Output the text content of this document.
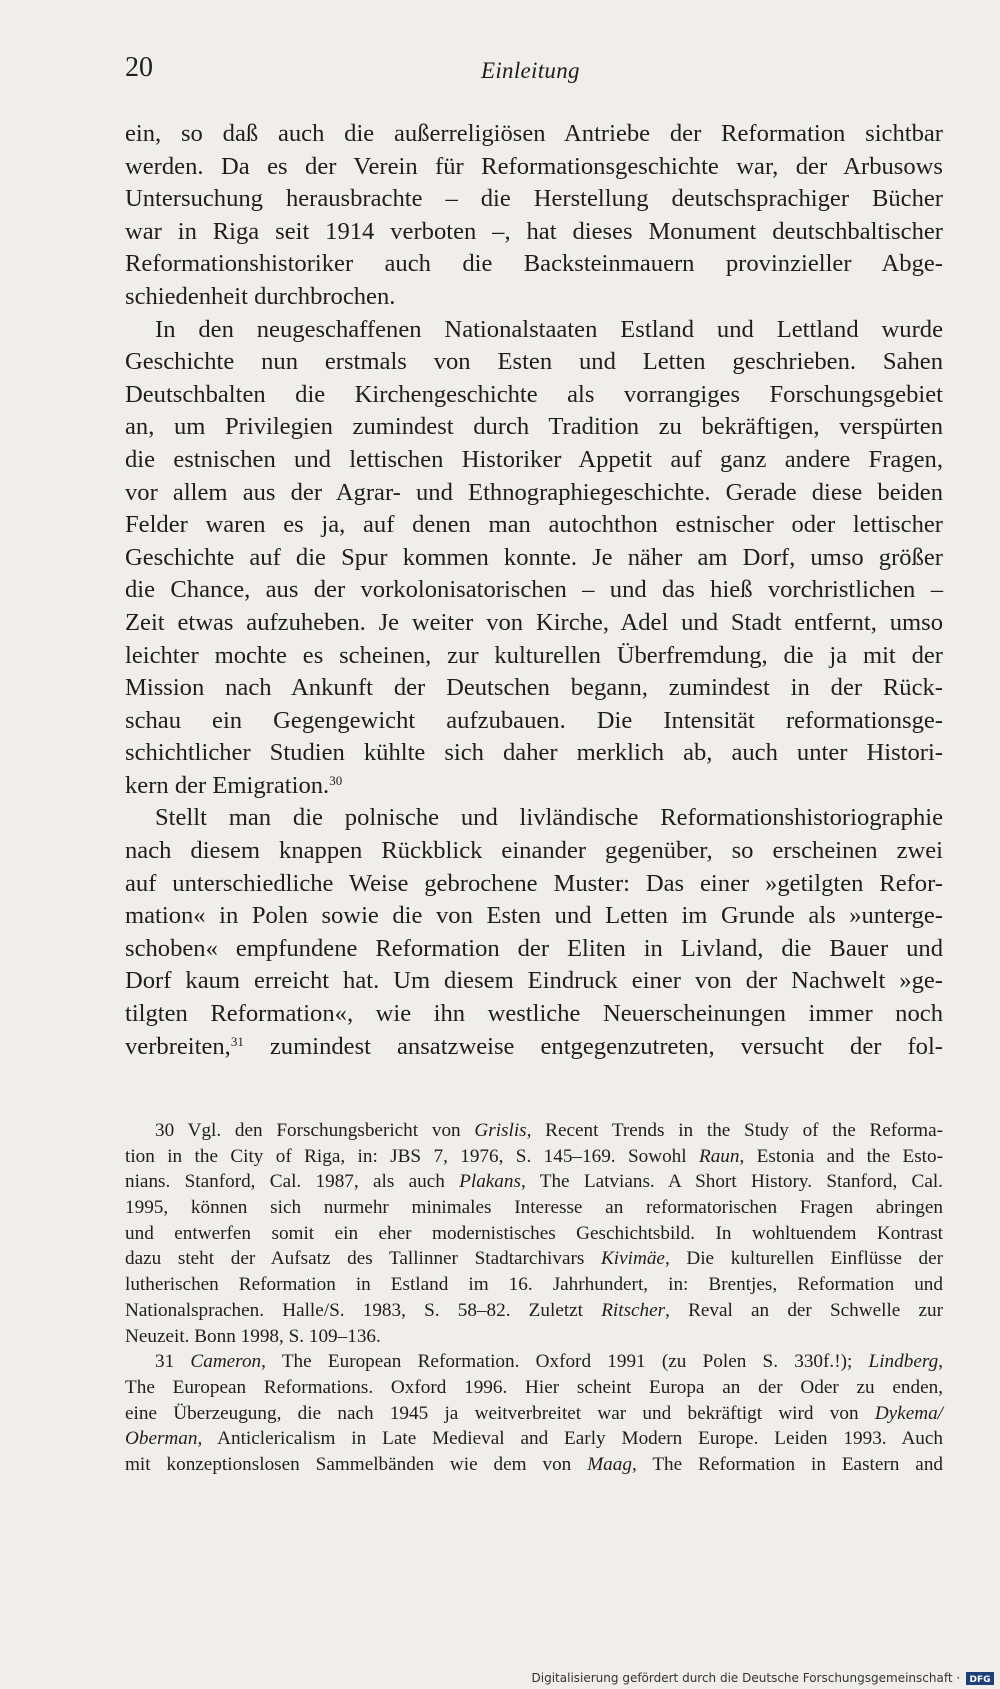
20	Einleitung
ein, so daß auch die außerreligiösen Antriebe der Reformation sichtbar
werden. Da es der Verein für Reformationsgeschichte war, der Arbusows
Untersuchung herausbrachte – die Herstellung deutschsprachiger Bücher
war in Riga seit 1914 verboten –, hat dieses Monument deutschbaltischer
Reformationshistoriker auch die Backsteinmauern provinzieller Abge-
schiedenheit durchbrochen.
In den neugeschaffenen Nationalstaaten Estland und Lettland wurde
Geschichte nun erstmals von Esten und Letten geschrieben. Sahen
Deutschbalten die Kirchengeschichte als vorrangiges Forschungsgebiet
an, um Privilegien zumindest durch Tradition zu bekräftigen, verspürten
die estnischen und lettischen Historiker Appetit auf ganz andere Fragen,
vor allem aus der Agrar- und Ethnographiegeschichte. Gerade diese beiden
Felder waren es ja, auf denen man autochthon estnischer oder lettischer
Geschichte auf die Spur kommen konnte. Je näher am Dorf, umso größer
die Chance, aus der vorkolonisatorischen – und das hieß vorchristlichen –
Zeit etwas aufzuheben. Je weiter von Kirche, Adel und Stadt entfernt, umso
leichter mochte es scheinen, zur kulturellen Überfremdung, die ja mit der
Mission nach Ankunft der Deutschen begann, zumindest in der Rück-
schau ein Gegengewicht aufzubauen. Die Intensität reformationsge-
schichtlicher Studien kühlte sich daher merklich ab, auch unter Histori-
kern der Emigration.$^{30}$
Stellt man die polnische und livländische Reformationshistoriographie
nach diesem knappen Rückblick einander gegenüber, so erscheinen zwei
auf unterschiedliche Weise gebrochene Muster: Das einer »getilgten Refor-
mation« in Polen sowie die von Esten und Letten im Grunde als »unterge-
schoben« empfundene Reformation der Eliten in Livland, die Bauer und
Dorf kaum erreicht hat. Um diesem Eindruck einer von der Nachwelt »ge-
tilgten Reformation«, wie ihn westliche Neuerscheinungen immer noch
verbreiten,$^{31}$ zumindest ansatzweise entgegenzutreten, versucht der fol-
30 Vgl. den Forschungsbericht von Grislis, Recent Trends in the Study of the Reforma-
tion in the City of Riga, in: JBS 7, 1976, S. 145–169. Sowohl Raun, Estonia and the Esto-
nians. Stanford, Cal. 1987, als auch Plakans, The Latvians. A Short History. Stanford, Cal.
1995, können sich nurmehr minimales Interesse an reformatorischen Fragen abringen
und entwerfen somit ein eher modernistisches Geschichtsbild. In wohltuendem Kontrast
dazu steht der Aufsatz des Tallinner Stadtarchivars Kivimäe, Die kulturellen Einflüsse der
lutherischen Reformation in Estland im 16. Jahrhundert, in: Brentjes, Reformation und
Nationalsprachen. Halle/S. 1983, S. 58–82. Zuletzt Ritscher, Reval an der Schwelle zur
Neuzeit. Bonn 1998, S. 109–136.
31 Cameron, The European Reformation. Oxford 1991 (zu Polen S. 330f.!); Lindberg,
The European Reformations. Oxford 1996. Hier scheint Europa an der Oder zu enden,
eine Überzeugung, die nach 1945 ja weitverbreitet war und bekräftigt wird von Dykema/
Oberman, Anticlericalism in Late Medieval and Early Modern Europe. Leiden 1993. Auch
mit konzeptionslosen Sammelbänden wie dem von Maag, The Reformation in Eastern and
Digitalisierung gefördert durch die Deutsche Forschungsgemeinschaft · DFG
